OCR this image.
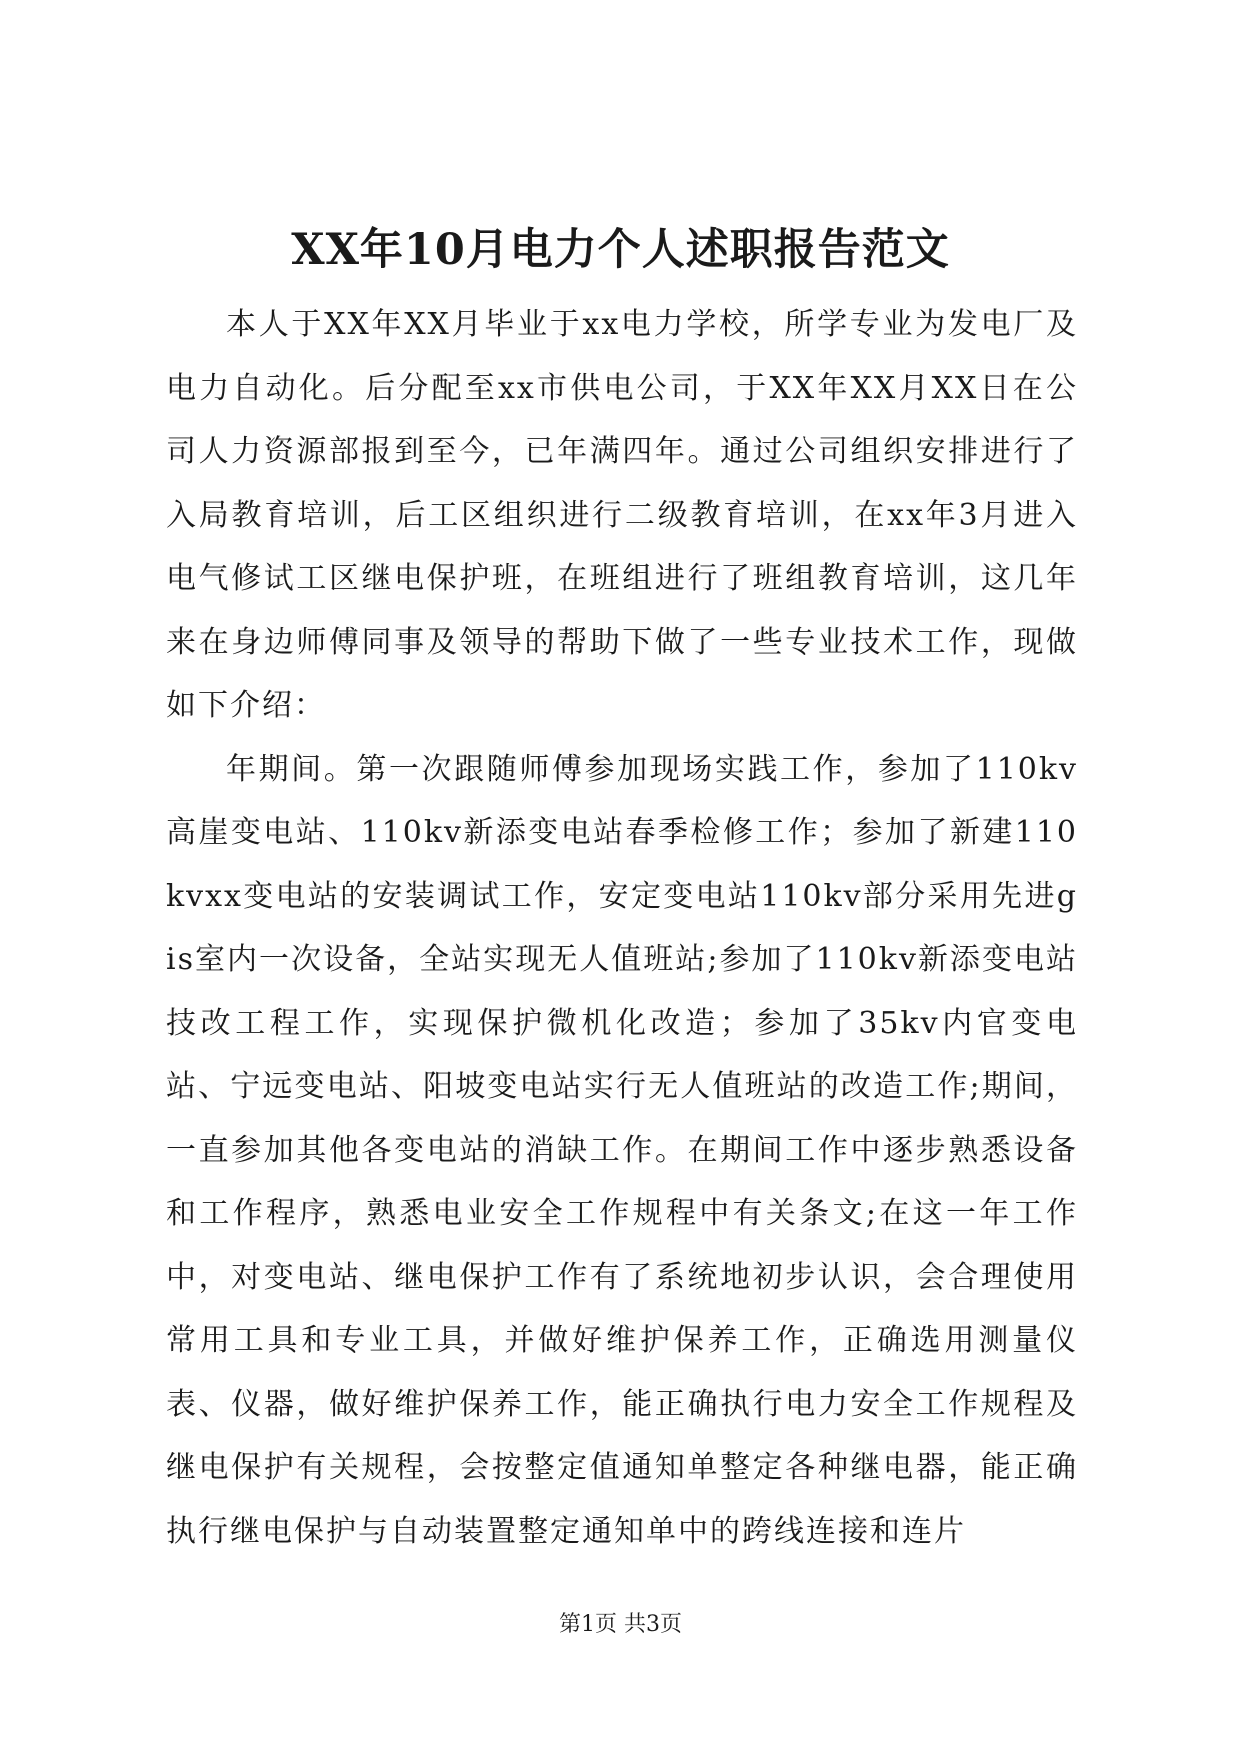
XX年10月电力个人述职报告范文

本人于XX年XX月毕业于xx电力学校，所学专业为发电厂及电力自动化。后分配至xx市供电公司，于XX年XX月XX日在公司人力资源部报到至今，已年满四年。通过公司组织安排进行了入局教育培训，后工区组织进行二级教育培训，在xx年3月进入电气修试工区继电保护班，在班组进行了班组教育培训，这几年来在身边师傅同事及领导的帮助下做了一些专业技术工作，现做如下介绍：

年期间。第一次跟随师傅参加现场实践工作，参加了110kv高崖变电站、110kv新添变电站春季检修工作；参加了新建110kvxx变电站的安装调试工作，安定变电站110kv部分采用先进gis室内一次设备，全站实现无人值班站;参加了110kv新添变电站技改工程工作，实现保护微机化改造；参加了35kv内官变电站、宁远变电站、阳坡变电站实行无人值班站的改造工作;期间，一直参加其他各变电站的消缺工作。在期间工作中逐步熟悉设备和工作程序，熟悉电业安全工作规程中有关条文;在这一年工作中，对变电站、继电保护工作有了系统地初步认识，会合理使用常用工具和专业工具，并做好维护保养工作，正确选用测量仪表、仪器，做好维护保养工作，能正确执行电力安全工作规程及继电保护有关规程，会按整定值通知单整定各种继电器，能正确执行继电保护与自动装置整定通知单中的跨线连接和连片

第1页 共3页
